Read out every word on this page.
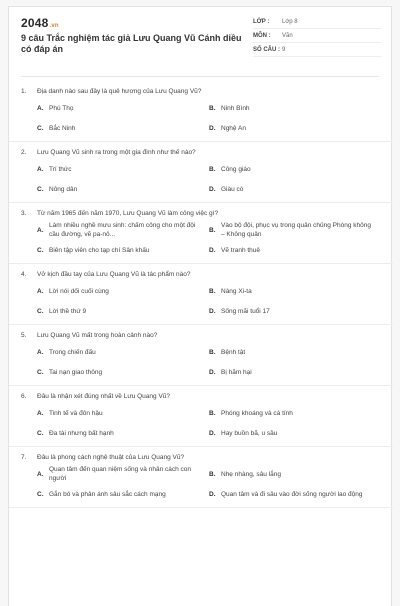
2048.vn
9 câu Trắc nghiệm tác giả Lưu Quang Vũ Cánh diều có đáp án
LỚP :	Lớp 8
MÔN :	Văn
SỐ CÂU : 9
1.	Địa danh nào sau đây là quê hương của Lưu Quang Vũ?
A. Phú Thọ	B. Ninh Bình
C. Bắc Ninh	D. Nghệ An
2.	Lưu Quang Vũ sinh ra trong một gia đình như thế nào?
A. Trí thức	B. Công giáo
C. Nông dân	D. Giàu có
3.	Từ năm 1965 đến năm 1970, Lưu Quang Vũ làm công việc gì?
A.
Làm nhiều nghề mưu sinh: chấm công cho một đội cầu đường, vẽ pa-nô...
B.
Vào bộ đội, phục vụ trong quân chủng Phòng không – Không quân
C. Biên tập viên cho tạp chí Sân khấu	D. Vẽ tranh thuê
4.	Vở kịch đầu tay của Lưu Quang Vũ là tác phẩm nào?
A. Lời nói dối cuối cùng	B. Nàng Xi-ta
C. Lời thề thứ 9	D. Sống mãi tuổi 17
5.	Lưu Quang Vũ mất trong hoàn cảnh nào?
A. Trong chiến đấu	B. Bệnh tật
C. Tai nạn giao thông	D. Bị hãm hại
6.	Đâu là nhận xét đúng nhất về Lưu Quang Vũ?
A. Tinh tế và đôn hậu	B. Phóng khoáng và cá tính
C. Đa tài nhưng bất hạnh	D. Hay buồn bã, u sầu
7.	Đâu là phong cách nghệ thuật của Lưu Quang Vũ?
A.
Quan tâm đến quan niệm sống và nhân cách con người
B. Nhẹ nhàng, sâu lắng
C. Gắn bó và phản ánh sâu sắc cách mạng	D. Quan tâm và đi sâu vào đời sống người lao động
